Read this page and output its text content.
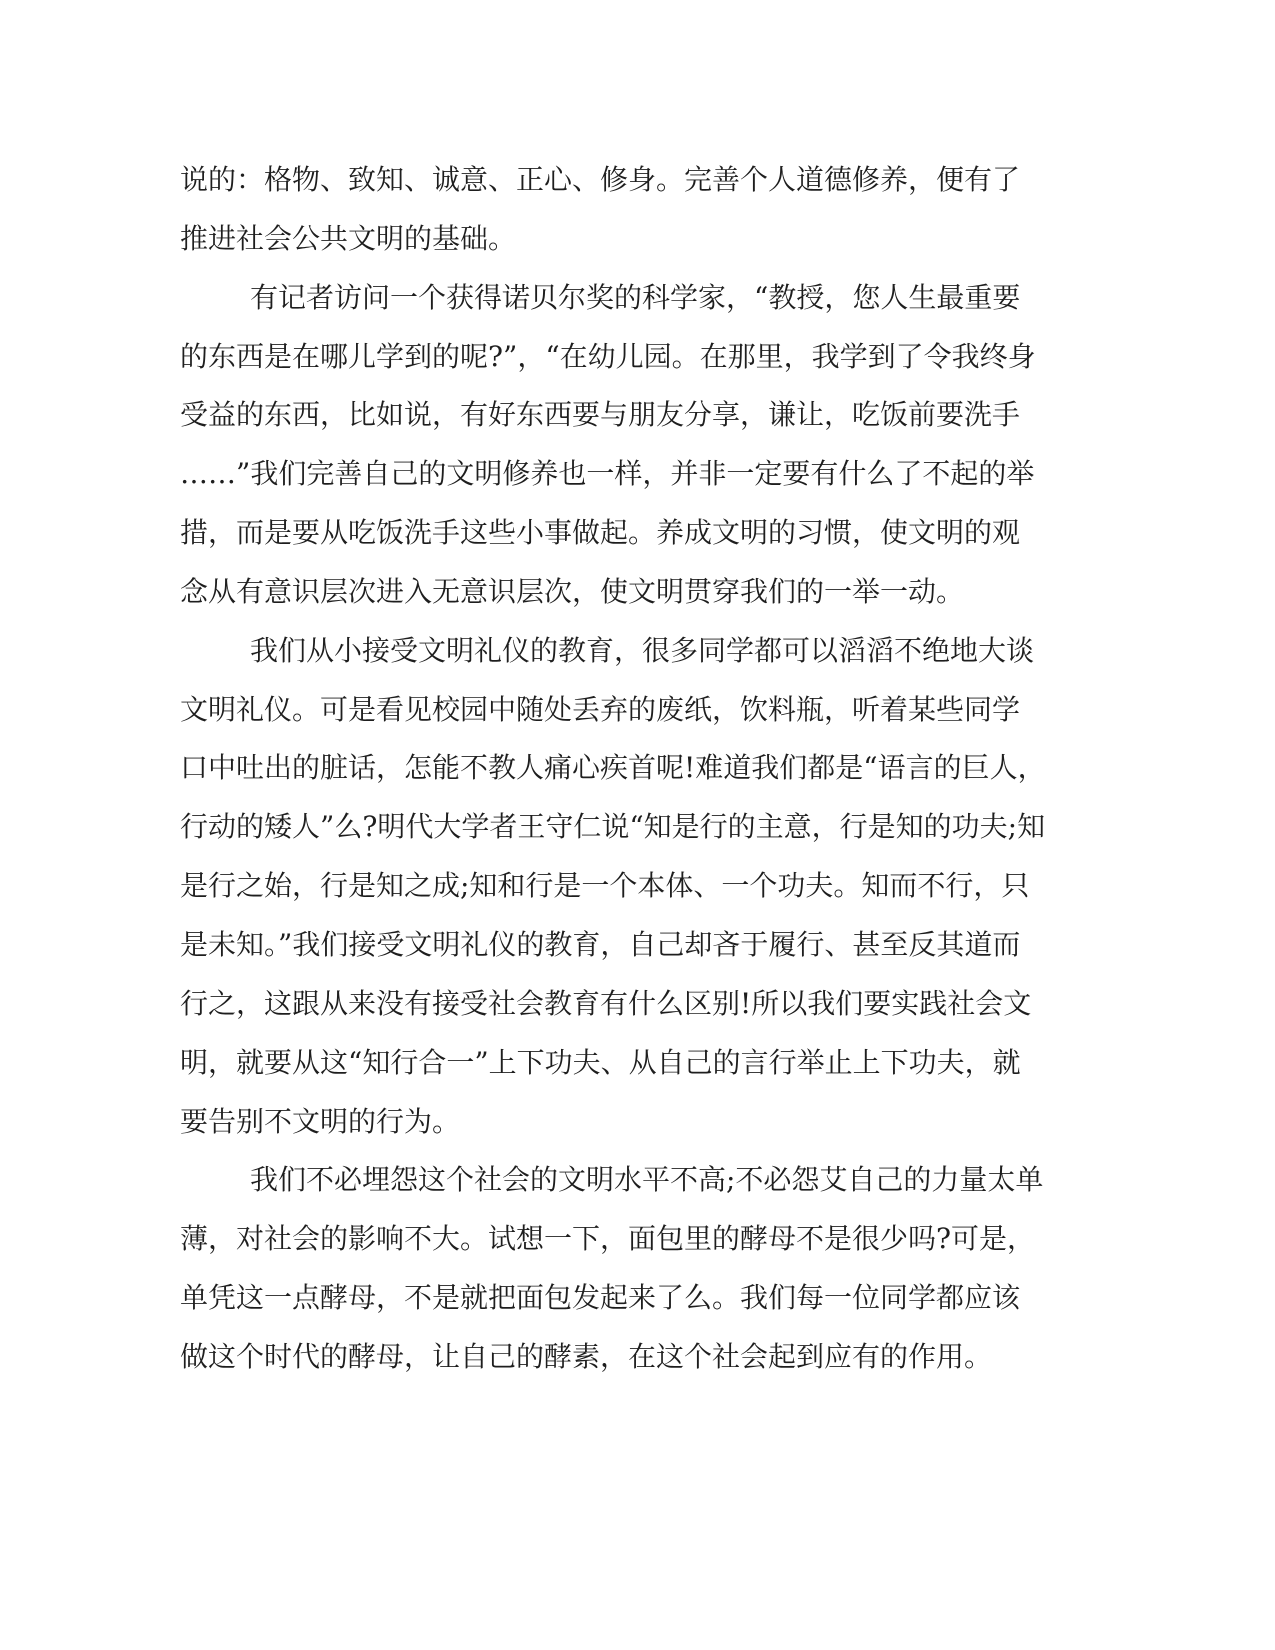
说的：格物、致知、诚意、正心、修身。完善个人道德修养，便有了
推进社会公共文明的基础。
有记者访问一个获得诺贝尔奖的科学家，“教授，您人生最重要
的东西是在哪儿学到的呢?”，“在幼儿园。在那里，我学到了令我终身
受益的东西，比如说，有好东西要与朋友分享，谦让，吃饭前要洗手
……”我们完善自己的文明修养也一样，并非一定要有什么了不起的举
措，而是要从吃饭洗手这些小事做起。养成文明的习惯，使文明的观
念从有意识层次进入无意识层次，使文明贯穿我们的一举一动。
我们从小接受文明礼仪的教育，很多同学都可以滔滔不绝地大谈
文明礼仪。可是看见校园中随处丢弃的废纸，饮料瓶，听着某些同学
口中吐出的脏话，怎能不教人痛心疾首呢!难道我们都是“语言的巨人，
行动的矮人”么?明代大学者王守仁说“知是行的主意，行是知的功夫;知
是行之始，行是知之成;知和行是一个本体、一个功夫。知而不行，只
是未知。”我们接受文明礼仪的教育，自己却吝于履行、甚至反其道而
行之，这跟从来没有接受社会教育有什么区别!所以我们要实践社会文
明，就要从这“知行合一”上下功夫、从自己的言行举止上下功夫，就
要告别不文明的行为。
我们不必埋怨这个社会的文明水平不高;不必怨艾自己的力量太单
薄，对社会的影响不大。试想一下，面包里的酵母不是很少吗?可是，
单凭这一点酵母，不是就把面包发起来了么。我们每一位同学都应该
做这个时代的酵母，让自己的酵素，在这个社会起到应有的作用。
